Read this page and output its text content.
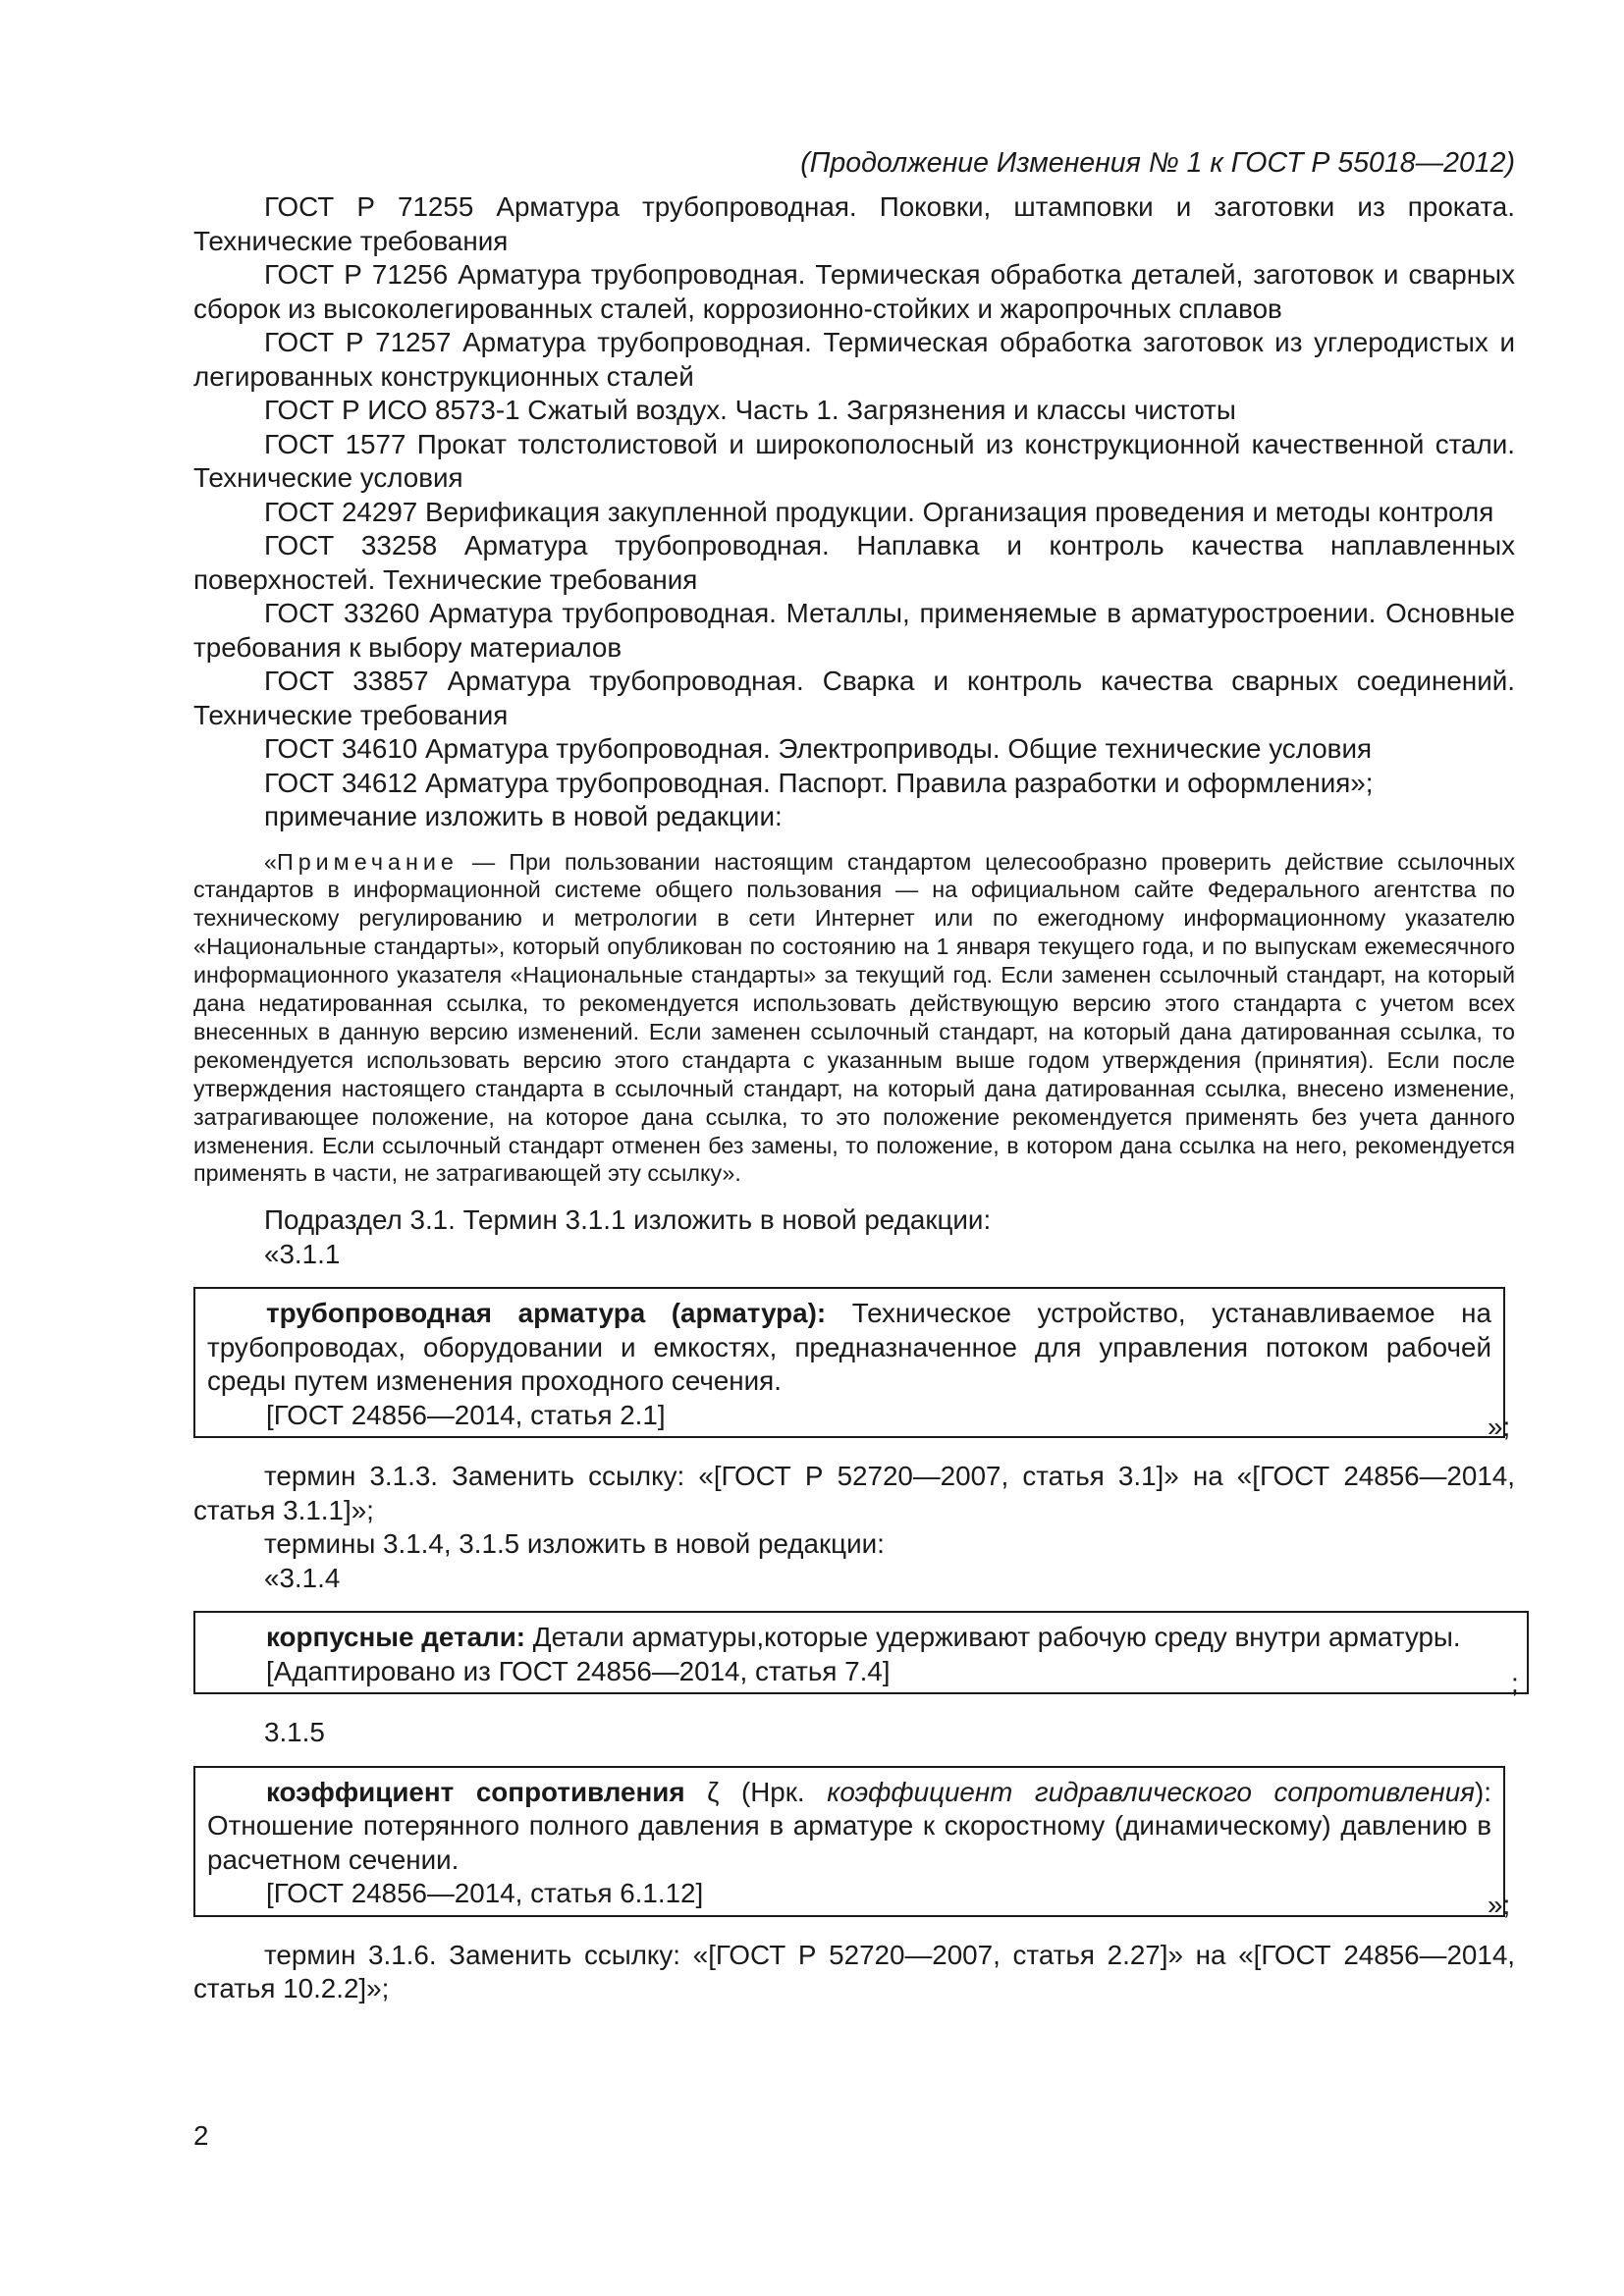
(Продолжение Изменения № 1 к ГОСТ Р 55018—2012)
ГОСТ Р 71255 Арматура трубопроводная. Поковки, штамповки и заготовки из проката. Технические требования
ГОСТ Р 71256 Арматура трубопроводная. Термическая обработка деталей, заготовок и сварных сборок из высоколегированных сталей, коррозионно-стойких и жаропрочных сплавов
ГОСТ Р 71257 Арматура трубопроводная. Термическая обработка заготовок из углеродистых и легированных конструкционных сталей
ГОСТ Р ИСО 8573-1 Сжатый воздух. Часть 1. Загрязнения и классы чистоты
ГОСТ 1577 Прокат толстолистовой и широкополосный из конструкционной качественной стали. Технические условия
ГОСТ 24297 Верификация закупленной продукции. Организация проведения и методы контроля
ГОСТ 33258 Арматура трубопроводная. Наплавка и контроль качества наплавленных поверхностей. Технические требования
ГОСТ 33260 Арматура трубопроводная. Металлы, применяемые в арматуростроении. Основные требования к выбору материалов
ГОСТ 33857 Арматура трубопроводная. Сварка и контроль качества сварных соединений. Технические требования
ГОСТ 34610 Арматура трубопроводная. Электроприводы. Общие технические условия
ГОСТ 34612 Арматура трубопроводная. Паспорт. Правила разработки и оформления»;
примечание изложить в новой редакции:
«Примечание — При пользовании настоящим стандартом целесообразно проверить действие ссылочных стандартов в информационной системе общего пользования — на официальном сайте Федерального агентства по техническому регулированию и метрологии в сети Интернет или по ежегодному информационному указателю «Национальные стандарты», который опубликован по состоянию на 1 января текущего года, и по выпускам ежемесячного информационного указателя «Национальные стандарты» за текущий год. Если заменен ссылочный стандарт, на который дана недатированная ссылка, то рекомендуется использовать действующую версию этого стандарта с учетом всех внесенных в данную версию изменений. Если заменен ссылочный стандарт, на который дана датированная ссылка, то рекомендуется использовать версию этого стандарта с указанным выше годом утверждения (принятия). Если после утверждения настоящего стандарта в ссылочный стандарт, на который дана датированная ссылка, внесено изменение, затрагивающее положение, на которое дана ссылка, то это положение рекомендуется применять без учета данного изменения. Если ссылочный стандарт отменен без замены, то положение, в котором дана ссылка на него, рекомендуется применять в части, не затрагивающей эту ссылку».
Подраздел 3.1. Термин 3.1.1 изложить в новой редакции:
«3.1.1
трубопроводная арматура (арматура): Техническое устройство, устанавливаемое на трубопроводах, оборудовании и емкостях, предназначенное для управления потоком рабочей среды путем изменения проходного сечения.
[ГОСТ 24856—2014, статья 2.1]	»;
термин 3.1.3. Заменить ссылку: «[ГОСТ Р 52720—2007, статья 3.1]» на «[ГОСТ 24856—2014, статья 3.1.1]»;
термины 3.1.4, 3.1.5 изложить в новой редакции:
«3.1.4
корпусные детали: Детали арматуры,которые удерживают рабочую среду внутри арматуры.
[Адаптировано из ГОСТ 24856—2014, статья 7.4]	;
3.1.5
коэффициент сопротивления ζ (Нрк. коэффициент гидравлического сопротивления): Отношение потерянного полного давления в арматуре к скоростному (динамическому) давлению в расчетном сечении.
[ГОСТ 24856—2014, статья 6.1.12]	»;
термин 3.1.6. Заменить ссылку: «[ГОСТ Р 52720—2007, статья 2.27]» на «[ГОСТ 24856—2014, статья 10.2.2]»;
2
